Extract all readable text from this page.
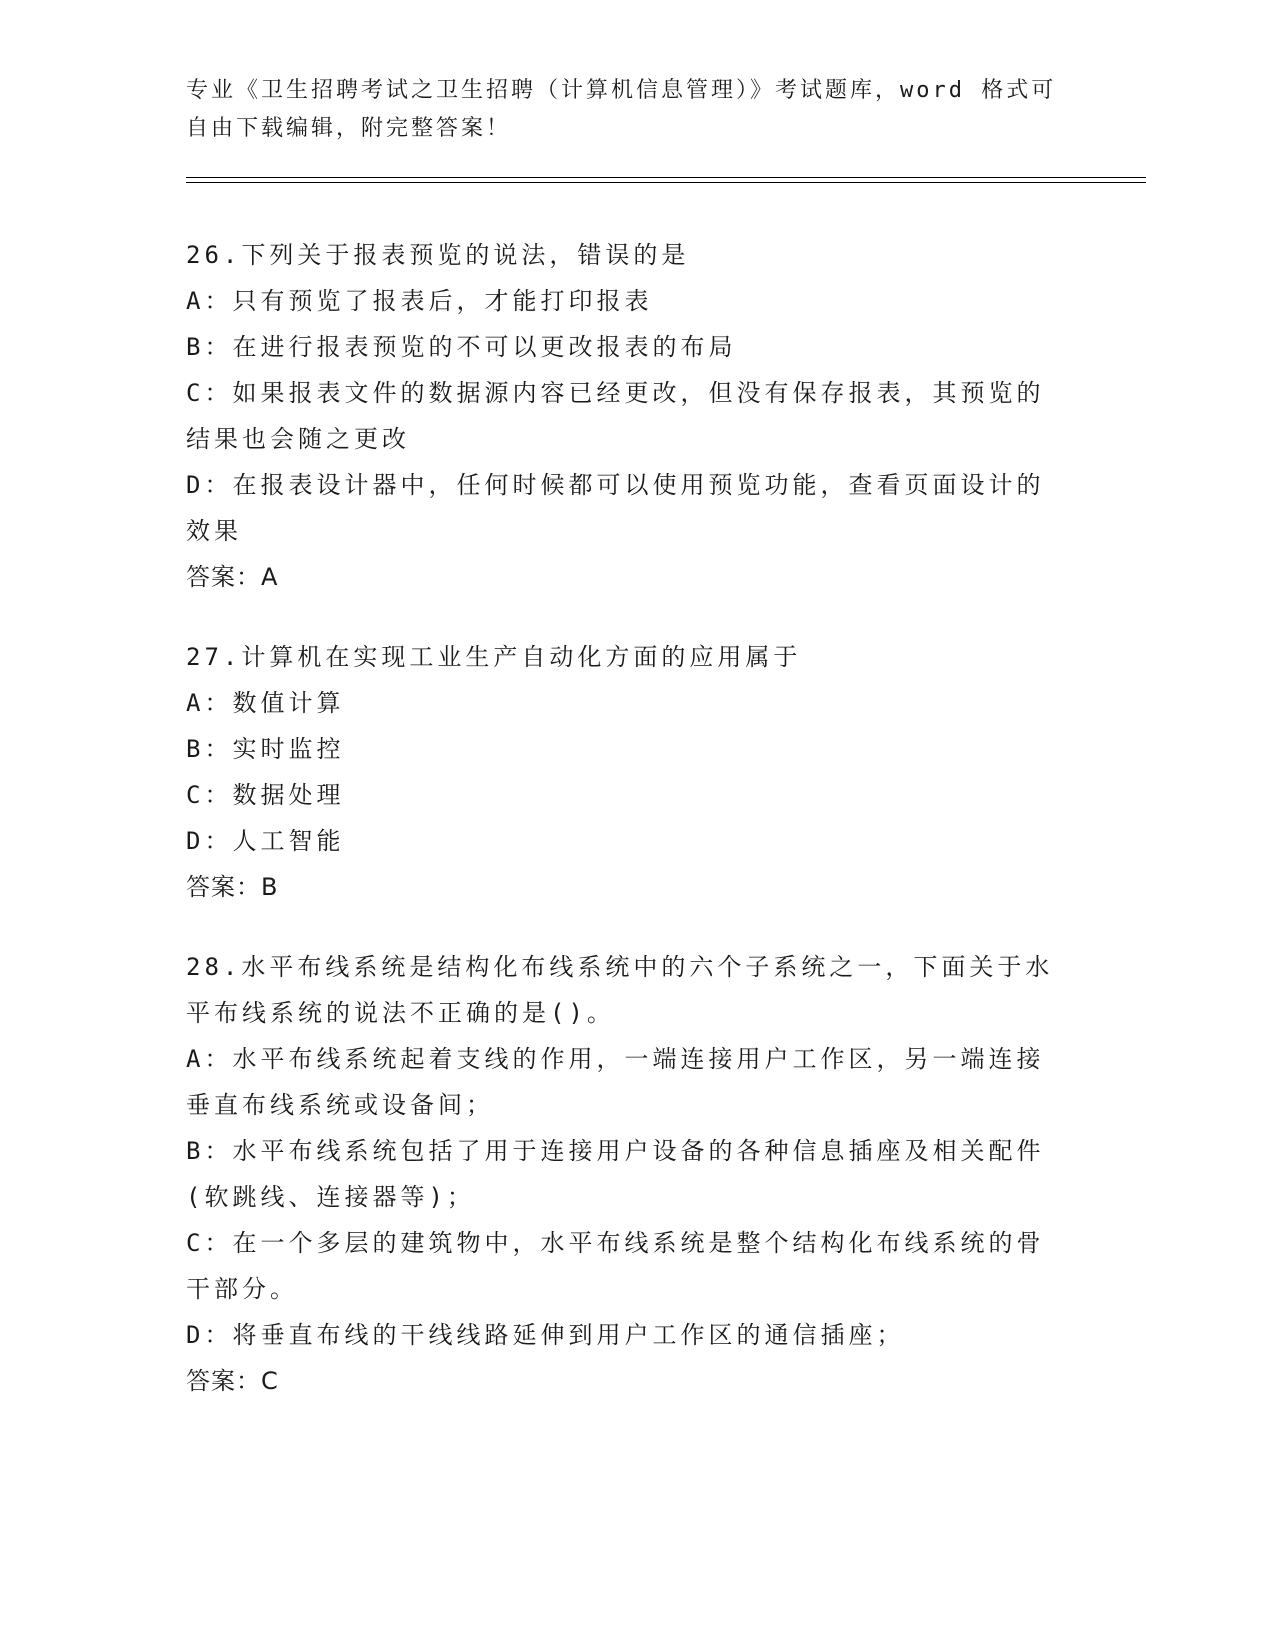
专业《卫生招聘考试之卫生招聘（计算机信息管理）》考试题库，word 格式可自由下载编辑，附完整答案！
26.下列关于报表预览的说法，错误的是
A：只有预览了报表后，才能打印报表
B：在进行报表预览的不可以更改报表的布局
C：如果报表文件的数据源内容已经更改，但没有保存报表，其预览的结果也会随之更改
D：在报表设计器中，任何时候都可以使用预览功能，查看页面设计的效果
答案：A
27.计算机在实现工业生产自动化方面的应用属于
A：数值计算
B：实时监控
C：数据处理
D：人工智能
答案：B
28.水平布线系统是结构化布线系统中的六个子系统之一，下面关于水平布线系统的说法不正确的是()。
A：水平布线系统起着支线的作用，一端连接用户工作区，另一端连接垂直布线系统或设备间；
B：水平布线系统包括了用于连接用户设备的各种信息插座及相关配件(软跳线、连接器等)；
C：在一个多层的建筑物中，水平布线系统是整个结构化布线系统的骨干部分。
D：将垂直布线的干线线路延伸到用户工作区的通信插座；
答案：C
